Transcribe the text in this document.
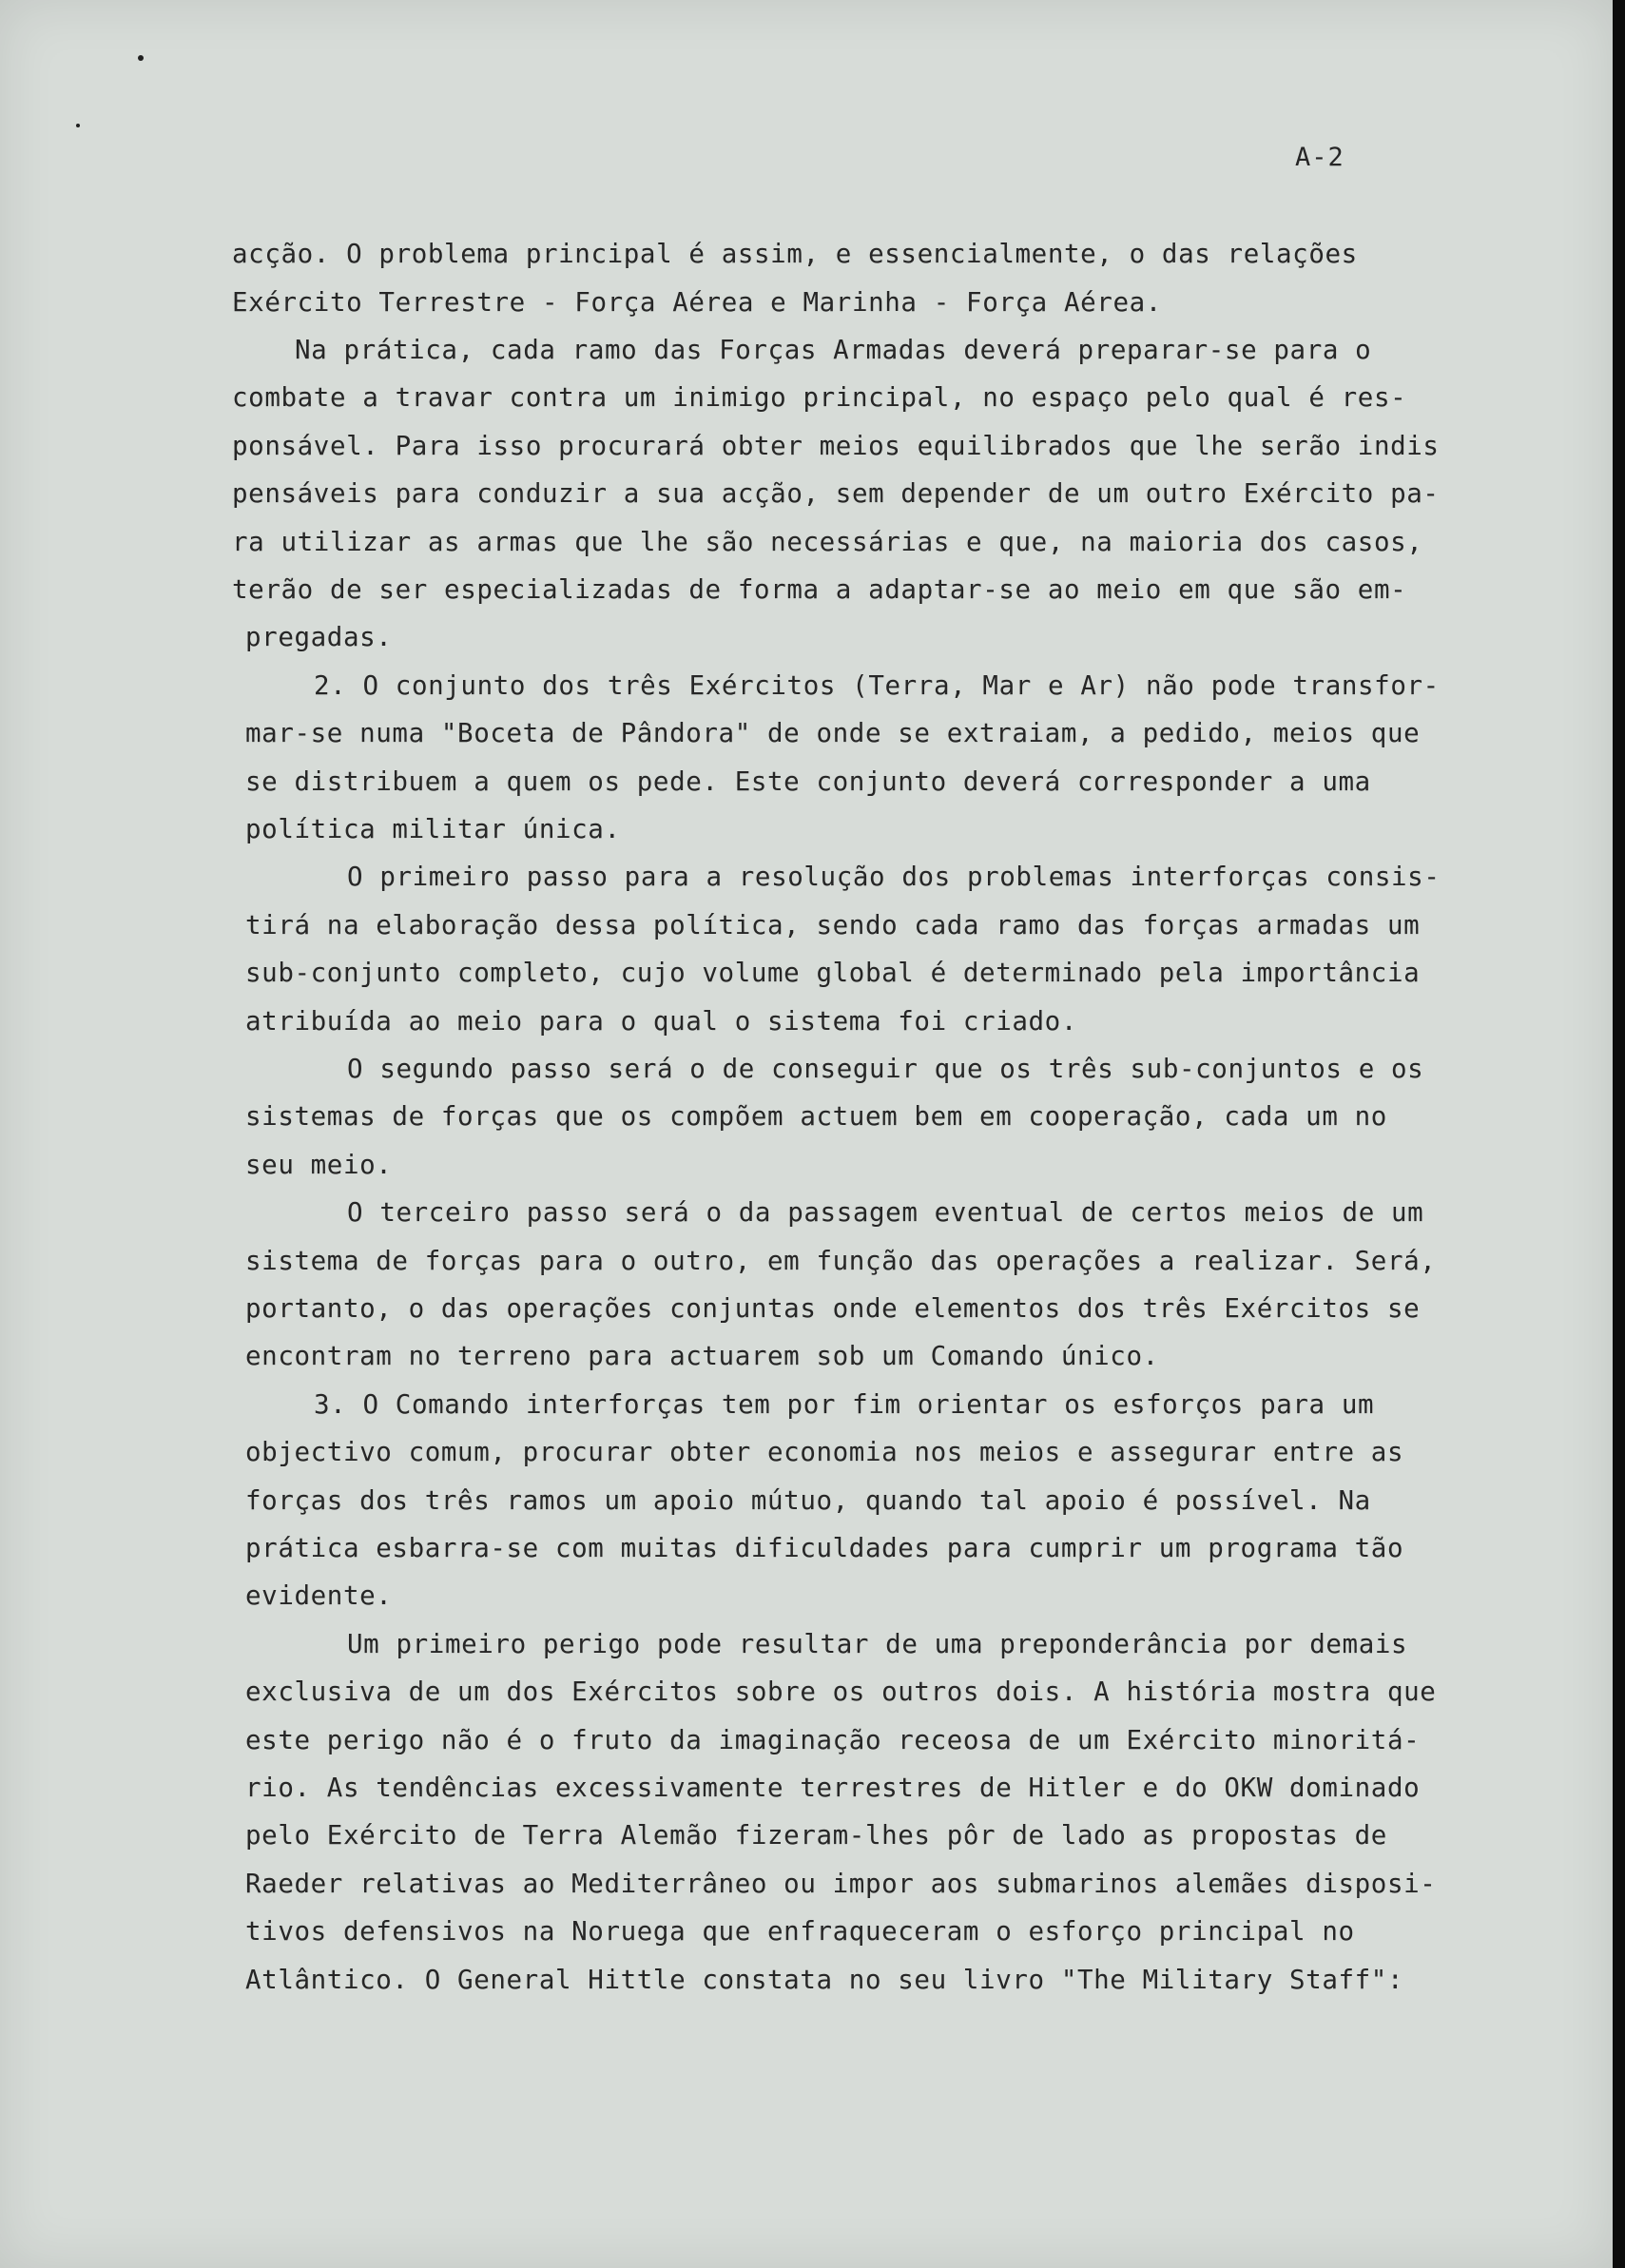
A-2
acção. O problema principal é assim, e essencialmente, o das relações
Exército Terrestre - Força Aérea e Marinha - Força Aérea.
Na prática, cada ramo das Forças Armadas deverá preparar-se para o
combate a travar contra um inimigo principal, no espaço pelo qual é res-
ponsável. Para isso procurará obter meios equilibrados que lhe serão indis
pensáveis para conduzir a sua acção, sem depender de um outro Exército pa-
ra utilizar as armas que lhe são necessárias e que, na maioria dos casos,
terão de ser especializadas de forma a adaptar-se ao meio em que são em-
pregadas.
2. O conjunto dos três Exércitos (Terra, Mar e Ar) não pode transfor-
mar-se numa "Boceta de Pândora" de onde se extraiam, a pedido, meios que
se distribuem a quem os pede. Este conjunto deverá corresponder a uma
política militar única.
O primeiro passo para a resolução dos problemas interforças consis-
tirá na elaboração dessa política, sendo cada ramo das forças armadas um
sub-conjunto completo, cujo volume global é determinado pela importância
atribuída ao meio para o qual o sistema foi criado.
O segundo passo será o de conseguir que os três sub-conjuntos e os
sistemas de forças que os compõem actuem bem em cooperação, cada um no
seu meio.
O terceiro passo será o da passagem eventual de certos meios de um
sistema de forças para o outro, em função das operações a realizar. Será,
portanto, o das operações conjuntas onde elementos dos três Exércitos se
encontram no terreno para actuarem sob um Comando único.
3. O Comando interforças tem por fim orientar os esforços para um
objectivo comum, procurar obter economia nos meios e assegurar entre as
forças dos três ramos um apoio mútuo, quando tal apoio é possível. Na
prática esbarra-se com muitas dificuldades para cumprir um programa tão
evidente.
Um primeiro perigo pode resultar de uma preponderância por demais
exclusiva de um dos Exércitos sobre os outros dois. A história mostra que
este perigo não é o fruto da imaginação receosa de um Exército minoritá-
rio. As tendências excessivamente terrestres de Hitler e do OKW dominado
pelo Exército de Terra Alemão fizeram-lhes pôr de lado as propostas de
Raeder relativas ao Mediterrâneo ou impor aos submarinos alemães disposi-
tivos defensivos na Noruega que enfraqueceram o esforço principal no
Atlântico. O General Hittle constata no seu livro "The Military Staff":
